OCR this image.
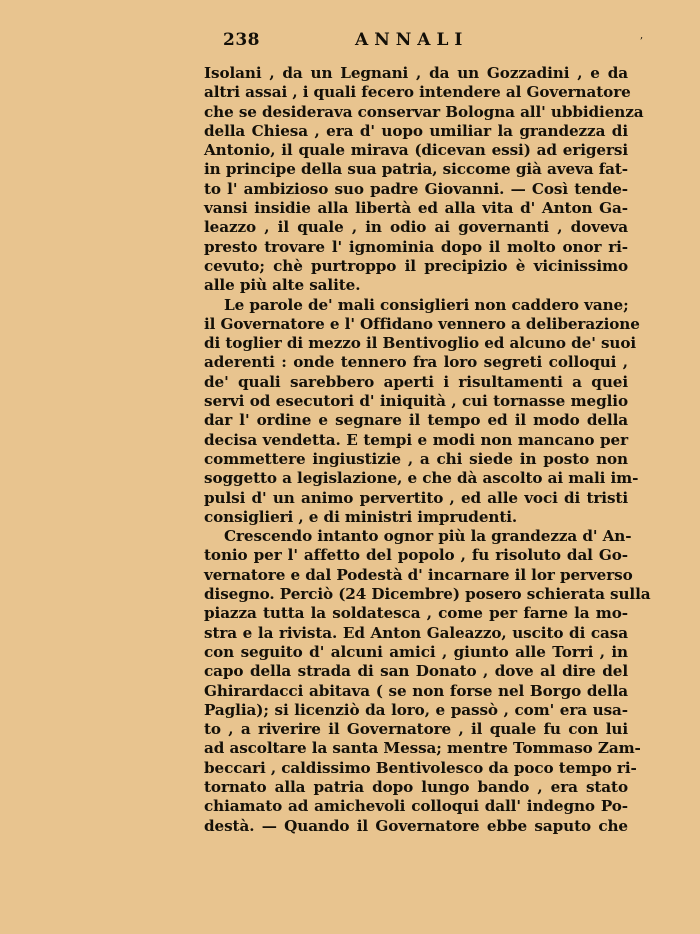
238	ANNALI	,
Isolani , da un Legnani , da un Gozzadini , e da
altri assai , i quali fecero intendere al Governatore
che se desiderava conservar Bologna all' ubbidienza
della Chiesa , era d' uopo umiliar la grandezza di
Antonio, il quale mirava (dicevan essi) ad erigersi
in principe della sua patria, siccome già aveva fat-
to l' ambizioso suo padre Giovanni. — Così tende-
vansi insidie alla libertà ed alla vita d' Anton Ga-
leazzo , il quale , in odio ai governanti , doveva
presto trovare l' ignominia dopo il molto onor ri-
cevuto; chè purtroppo il precipizio è vicinissimo
alle più alte salite.
Le parole de' mali consiglieri non caddero vane;
il Governatore e l' Offidano vennero a deliberazione
di toglier di mezzo il Bentivoglio ed alcuno de' suoi
aderenti : onde tennero fra loro segreti colloqui ,
de' quali sarebbero aperti i risultamenti a quei
servi od esecutori d' iniquità , cui tornasse meglio
dar l' ordine e segnare il tempo ed il modo della
decisa vendetta. E tempi e modi non mancano per
commettere ingiustizie , a chi siede in posto non
soggetto a legislazione, e che dà ascolto ai mali im-
pulsi d' un animo pervertito , ed alle voci di tristi
consiglieri , e di ministri imprudenti.
Crescendo intanto ognor più la grandezza d' An-
tonio per l' affetto del popolo , fu risoluto dal Go-
vernatore e dal Podestà d' incarnare il lor perverso
disegno. Perciò (24 Dicembre) posero schierata sulla
piazza tutta la soldatesca , come per farne la mo-
stra e la rivista. Ed Anton Galeazzo, uscito di casa
con seguito d' alcuni amici , giunto alle Torri , in
capo della strada di san Donato , dove al dire del
Ghirardacci abitava ( se non forse nel Borgo della
Paglia); si licenziò da loro, e passò , com' era usa-
to , a riverire il Governatore , il quale fu con lui
ad ascoltare la santa Messa; mentre Tommaso Zam-
beccari , caldissimo Bentivolesco da poco tempo ri-
tornato alla patria dopo lungo bando , era stato
chiamato ad amichevoli colloqui dall' indegno Po-
destà. — Quando il Governatore ebbe saputo che
